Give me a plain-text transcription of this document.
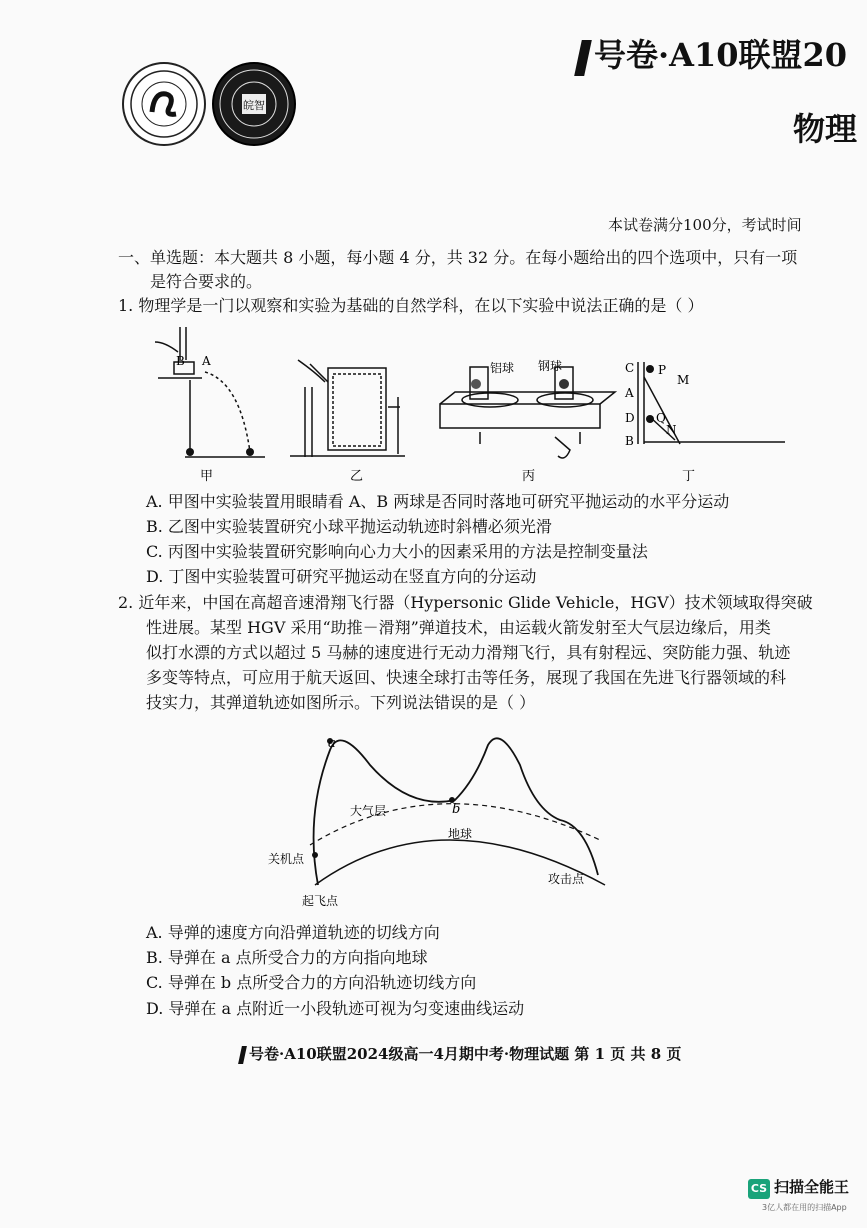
皖智
号卷·A10联盟20
物理
本试卷满分100分，考试时间
一、单选题：本大题共 8 小题，每小题 4 分，共 32 分。在每小题给出的四个选项中，只有一项
是符合要求的。
1. 物理学是一门以观察和实验为基础的自然学科，在以下实验中说法正确的是（ ）
B A
甲	乙
铝球 钢球
丙
C
A
D
B
P
M
Q
N
丁
A. 甲图中实验装置用眼睛看 A、B 两球是否同时落地可研究平抛运动的水平分运动
B. 乙图中实验装置研究小球平抛运动轨迹时斜槽必须光滑
C. 丙图中实验装置研究影响向心力大小的因素采用的方法是控制变量法
D. 丁图中实验装置可研究平抛运动在竖直方向的分运动
2. 近年来，中国在高超音速滑翔飞行器（Hypersonic Glide Vehicle，HGV）技术领域取得突破
性进展。某型 HGV 采用“助推－滑翔”弹道技术，由运载火箭发射至大气层边缘后，用类
似打水漂的方式以超过 5 马赫的速度进行无动力滑翔飞行，具有射程远、突防能力强、轨迹
多变等特点，可应用于航天返回、快速全球打击等任务，展现了我国在先进飞行器领域的科
技实力，其弹道轨迹如图所示。下列说法错误的是（ ）
a
b
大气层
地球
关机点
起飞点
攻击点
A. 导弹的速度方向沿弹道轨迹的切线方向
B. 导弹在 a 点所受合力的方向指向地球
C. 导弹在 b 点所受合力的方向沿轨迹切线方向
D. 导弹在 a 点附近一小段轨迹可视为匀变速曲线运动
号卷·A10联盟2024级高一4月期中考·物理试题 第 1 页 共 8 页
CS 扫描全能王
3亿人都在用的扫描App
